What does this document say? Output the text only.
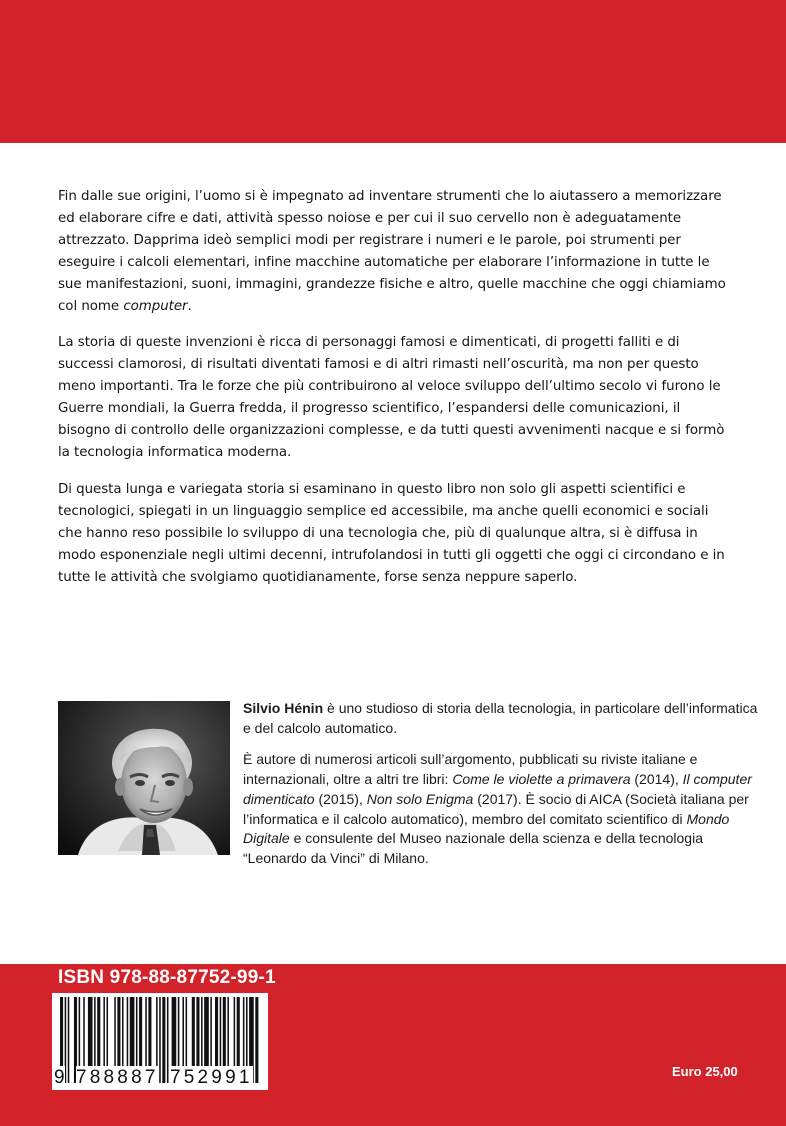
Fin dalle sue origini, l’uomo si è impegnato ad inventare strumenti che lo aiutassero a memorizzare ed elaborare cifre e dati, attività spesso noiose e per cui il suo cervello non è adeguatamente attrezzato. Dapprima ideò semplici modi per registrare i numeri e le parole, poi strumenti per eseguire i calcoli elementari, infine macchine automatiche per elaborare l’informazione in tutte le sue manifestazioni, suoni, immagini, grandezze fisiche e altro, quelle macchine che oggi chiamiamo col nome computer.

La storia di queste invenzioni è ricca di personaggi famosi e dimenticati, di progetti falliti e di successi clamorosi, di risultati diventati famosi e di altri rimasti nell’oscurità, ma non per questo meno importanti. Tra le forze che più contribuirono al veloce sviluppo dell’ultimo secolo vi furono le Guerre mondiali, la Guerra fredda, il progresso scientifico, l’espandersi delle comunicazioni, il bisogno di controllo delle organizzazioni complesse, e da tutti questi avvenimenti nacque e si formò la tecnologia informatica moderna.

Di questa lunga e variegata storia si esaminano in questo libro non solo gli aspetti scientifici e tecnologici, spiegati in un linguaggio semplice ed accessibile, ma anche quelli economici e sociali che hanno reso possibile lo sviluppo di una tecnologia che, più di qualunque altra, si è diffusa in modo esponenziale negli ultimi decenni, intrufolandosi in tutti gli oggetti che oggi ci circondano e in tutte le attività che svolgiamo quotidianamente, forse senza neppure saperlo.

Silvio Hénin è uno studioso di storia della tecnologia, in particolare dell’informatica e del calcolo automatico.

È autore di numerosi articoli sull’argomento, pubblicati su riviste italiane e internazionali, oltre a altri tre libri: Come le violette a primavera (2014), Il computer dimenticato (2015), Non solo Enigma (2017). È socio di AICA (Società italiana per l’informatica e il calcolo automatico), membro del comitato scientifico di Mondo Digitale e consulente del Museo nazionale della scienza e della tecnologia “Leonardo da Vinci” di Milano.

ISBN 978-88-87752-99-1
9 788887 752991	Euro 25,00
